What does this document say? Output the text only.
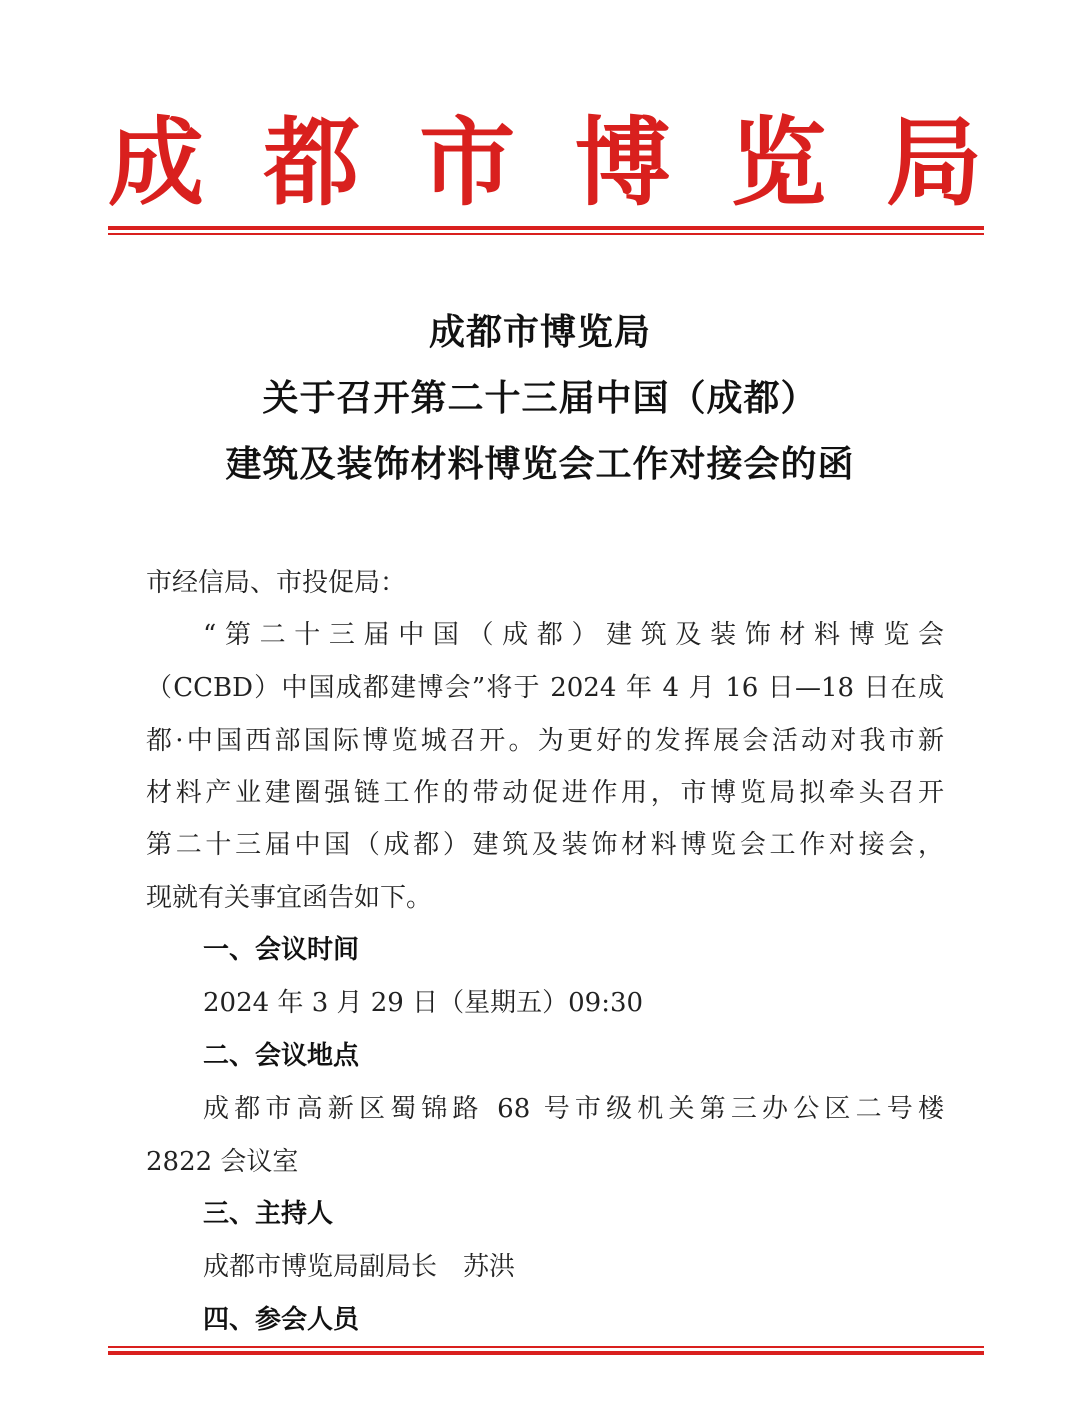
成 都 市 博 览 局
成都市博览局
关于召开第二十三届中国（成都）
建筑及装饰材料博览会工作对接会的函
市经信局、市投促局：
“第二十三届中国（成都）建筑及装饰材料博览会
（CCBD）中国成都建博会”将于 2024 年 4 月 16 日—18 日在成
都·中国西部国际博览城召开。为更好的发挥展会活动对我市新
材料产业建圈强链工作的带动促进作用，市博览局拟牵头召开
第二十三届中国（成都）建筑及装饰材料博览会工作对接会，
现就有关事宜函告如下。
一、会议时间
2024 年 3 月 29 日（星期五）09:30
二、会议地点
成都市高新区蜀锦路 68 号市级机关第三办公区二号楼
2822 会议室
三、主持人
成都市博览局副局长　苏洪
四、参会人员
